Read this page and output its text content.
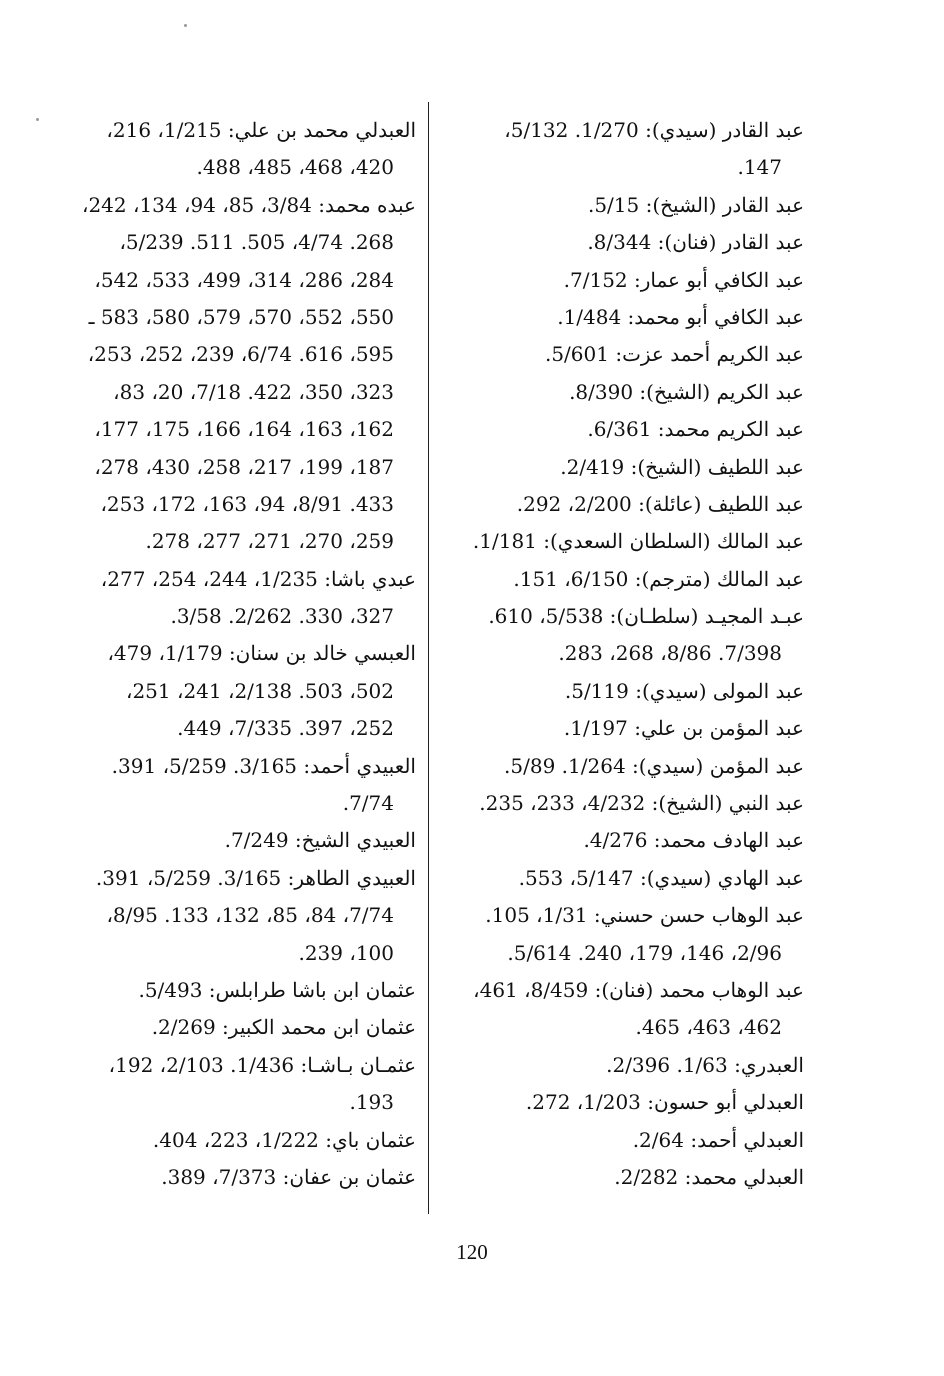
عبد القادر (سيدي): 1/270. 5/132،
147.
عبد القادر (الشيخ): 5/15.
عبد القادر (فنان): 8/344.
عبد الكافي أبو عمار: 7/152.
عبد الكافي أبو محمد: 1/484.
عبد الكريم أحمد عزت: 5/601.
عبد الكريم (الشيخ): 8/390.
عبد الكريم محمد: 6/361.
عبد اللطيف (الشيخ): 2/419.
عبد اللطيف (عائلة): 2/200، 292.
عبد المالك (السلطان السعدي): 1/181.
عبد المالك (مترجم): 6/150، 151.
عبـد المجيـد (سلطـان): 5/538، 610.
7/398. 8/86، 268، 283.
عبد المولى (سيدي): 5/119.
عبد المؤمن بن علي: 1/197.
عبد المؤمن (سيدي): 1/264. 5/89.
عبد النبي (الشيخ): 4/232، 233، 235.
عبد الهادف محمد: 4/276.
عبد الهادي (سيدي): 5/147، 553.
عبد الوهاب حسن حسني: 1/31، 105.
2/96، 146، 179، 240. 5/614.
عبد الوهاب محمد (فنان): 8/459، 461،
462، 463، 465.
العبدري: 1/63. 2/396.
العبدلي أبو حسون: 1/203، 272.
العبدلي أحمد: 2/64.
العبدلي محمد: 2/282.
العبدلي محمد بن علي: 1/215، 216،
420، 468، 485، 488.
عبده محمد: 3/84، 85، 94، 134، 242،
268. 4/74، 505. 511. 5/239،
284، 286، 314، 499، 533، 542،
550، 552، 570، 579، 580، 583 ـ
595، 616. 6/74، 239، 252، 253،
323، 350، 422. 7/18، 20، 83،
162، 163، 164، 166، 175، 177،
187، 199، 217، 258، 430، 278،
433. 8/91، 94، 163، 172، 253،
259، 270، 271، 277، 278.
عبدي باشا: 1/235، 244، 254، 277،
327، 330. 2/262. 3/58.
العبسي خالد بن سنان: 1/179، 479،
502، 503. 2/138، 241، 251،
252، 397. 7/335، 449.
العبيدي أحمد: 3/165. 5/259، 391.
7/74.
العبيدي الشيخ: 7/249.
العبيدي الطاهر: 3/165. 5/259، 391.
7/74، 84، 85، 132، 133. 8/95،
100، 239.
عثمان ابن باشا طرابلس: 5/493.
عثمان ابن محمد الكبير: 2/269.
عثمـان بـاشـا: 1/436. 2/103، 192،
193.
عثمان باي: 1/222، 223، 404.
عثمان بن عفان: 7/373، 389.
120
